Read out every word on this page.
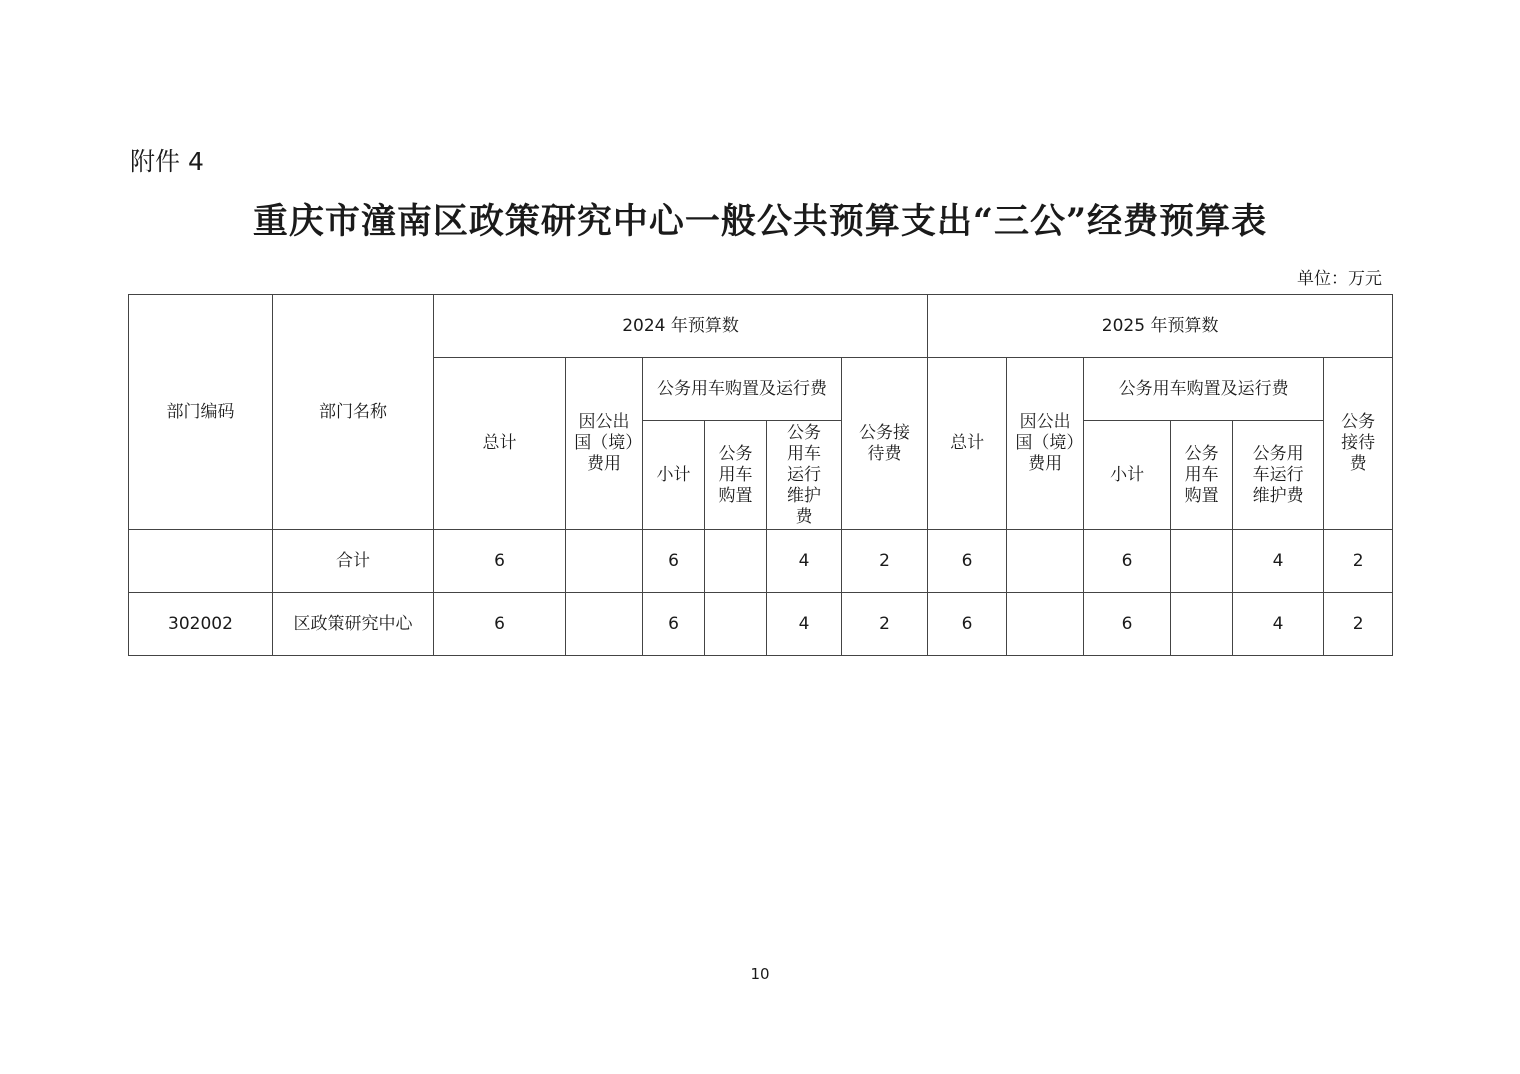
附件 4
重庆市潼南区政策研究中心一般公共预算支出“三公”经费预算表
单位：万元
部门编码	部门名称	2024 年预算数						2025 年预算数					
		总计	因公出国（境）费用	公务用车购置及运行费			公务接待费	总计	因公出国（境）费用	公务用车购置及运行费			公务接待费
				小计	公务用车购置	公务用车运行维护费				小计	公务用车购置	公务用车运行维护费	
	合计	6		6		4	2	6		6		4	2
302002	区政策研究中心	6		6		4	2	6		6		4	2
10
